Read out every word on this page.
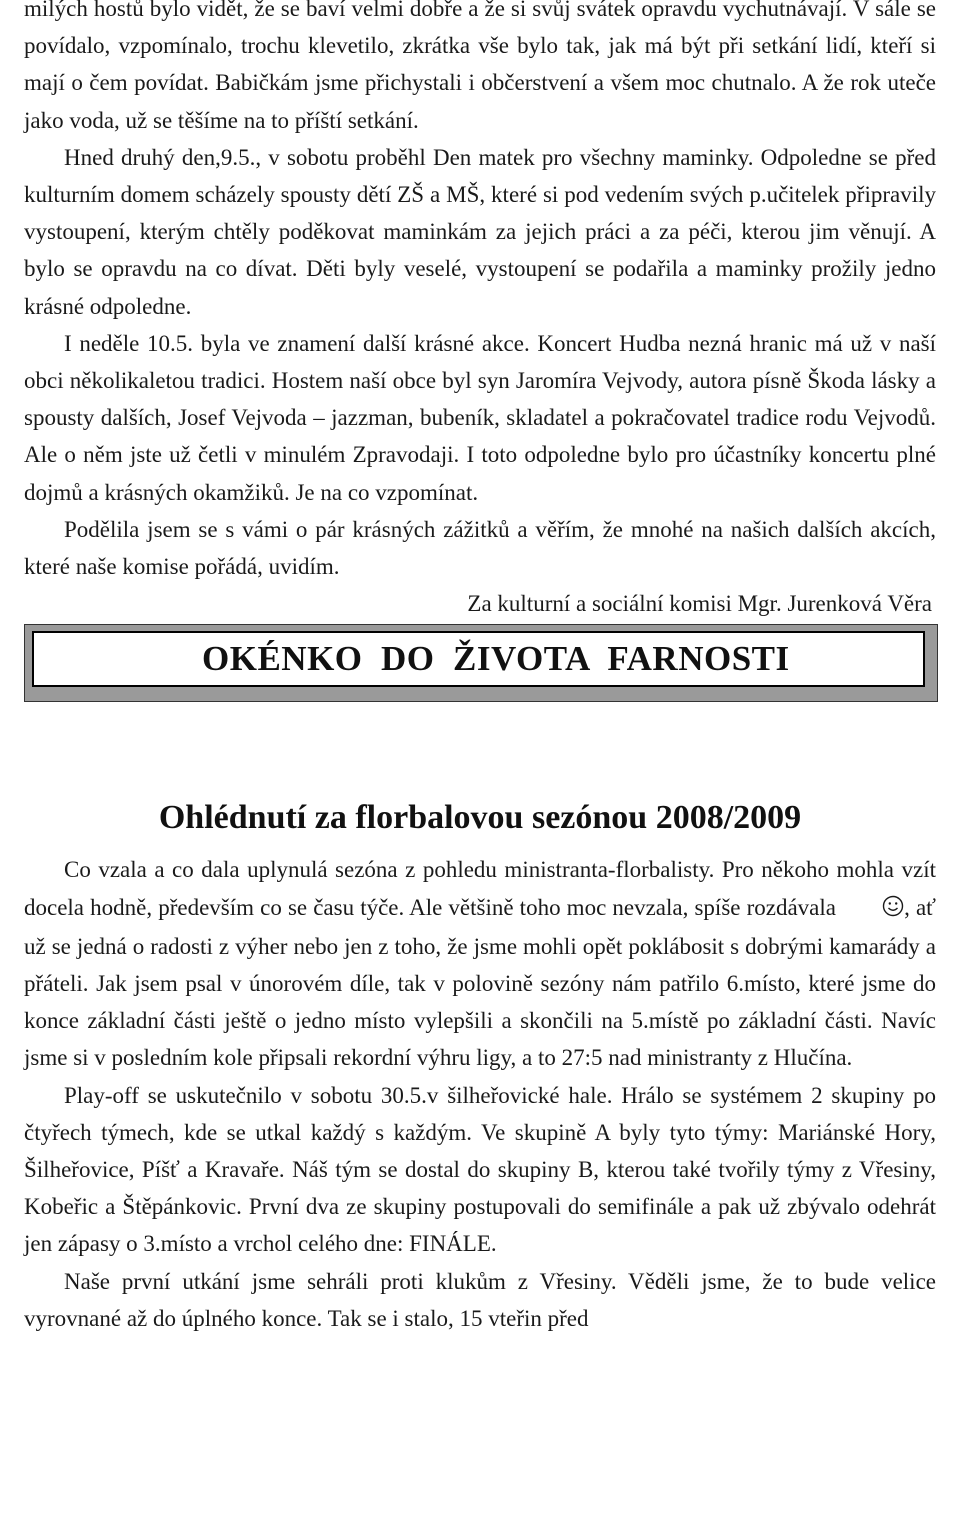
milých hostů bylo vidět, že se baví velmi dobře a že si svůj svátek opravdu vychutnávají. V sále se povídalo, vzpomínalo, trochu klevetilo, zkrátka vše bylo tak, jak má být při setkání lidí, kteří si mají o čem povídat. Babičkám jsme přichystali i občerstvení a všem moc chutnalo. A že rok uteče jako voda, už se těšíme na to příští setkání.

Hned druhý den,9.5., v sobotu proběhl Den matek pro všechny maminky. Odpoledne se před kulturním domem scházely spousty dětí ZŠ a MŠ, které si pod vedením svých p.učitelek připravily vystoupení, kterým chtěly poděkovat maminkám za jejich práci a za péči, kterou jim věnují. A bylo se opravdu na co dívat. Děti byly veselé, vystoupení se podařila a maminky prožily jedno krásné odpoledne.

I neděle 10.5. byla ve znamení další krásné akce. Koncert Hudba nezná hranic má už v naší obci několikaletou tradici. Hostem naší obce byl syn Jaromíra Vejvody, autora písně Škoda lásky a spousty dalších, Josef Vejvoda – jazzman, bubeník, skladatel a pokračovatel tradice rodu Vejvodů. Ale o něm jste už četli v minulém Zpravodaji. I toto odpoledne bylo pro účastníky koncertu plné dojmů a krásných okamžiků. Je na co vzpomínat.

Podělila jsem se s vámi o pár krásných zážitků a věřím, že mnohé na našich dalších akcích, které naše komise pořádá, uvidím.

Za kulturní a sociální komisi Mgr. Jurenková Věra

OKÉNKO  DO  ŽIVOTA  FARNOSTI
Ohlédnutí za florbalovou sezónou 2008/2009

Co vzala a co dala uplynulá sezóna z pohledu ministranta-florbalisty. Pro někoho mohla vzít docela hodně, především co se času týče. Ale většině toho moc nevzala, spíše rozdávala	, ať už se jedná o radosti z výher nebo jen z toho, že jsme mohli opět poklábosit s dobrými kamarády a přáteli. Jak jsem psal v únorovém díle, tak v polovině sezóny nám patřilo 6.místo, které jsme do konce základní části ještě o jedno místo vylepšili a skončili na 5.místě po základní části. Navíc jsme si v posledním kole připsali rekordní výhru ligy, a to 27:5 nad ministranty z Hlučína.

Play-off se uskutečnilo v sobotu 30.5.v šilheřovické hale. Hrálo se systémem 2 skupiny po čtyřech týmech, kde se utkal každý s každým. Ve skupině A byly tyto týmy: Mariánské Hory, Šilheřovice, Píšť a Kravaře. Náš tým se dostal do skupiny B, kterou také tvořily týmy z Vřesiny, Kobeřic a Štěpánkovic. První dva ze skupiny postupovali do semifinále a pak už zbývalo odehrát jen zápasy o 3.místo a vrchol celého dne: FINÁLE.

Naše první utkání jsme sehráli proti klukům z Vřesiny. Věděli jsme, že to bude velice vyrovnané až do úplného konce. Tak se i stalo, 15 vteřin před
